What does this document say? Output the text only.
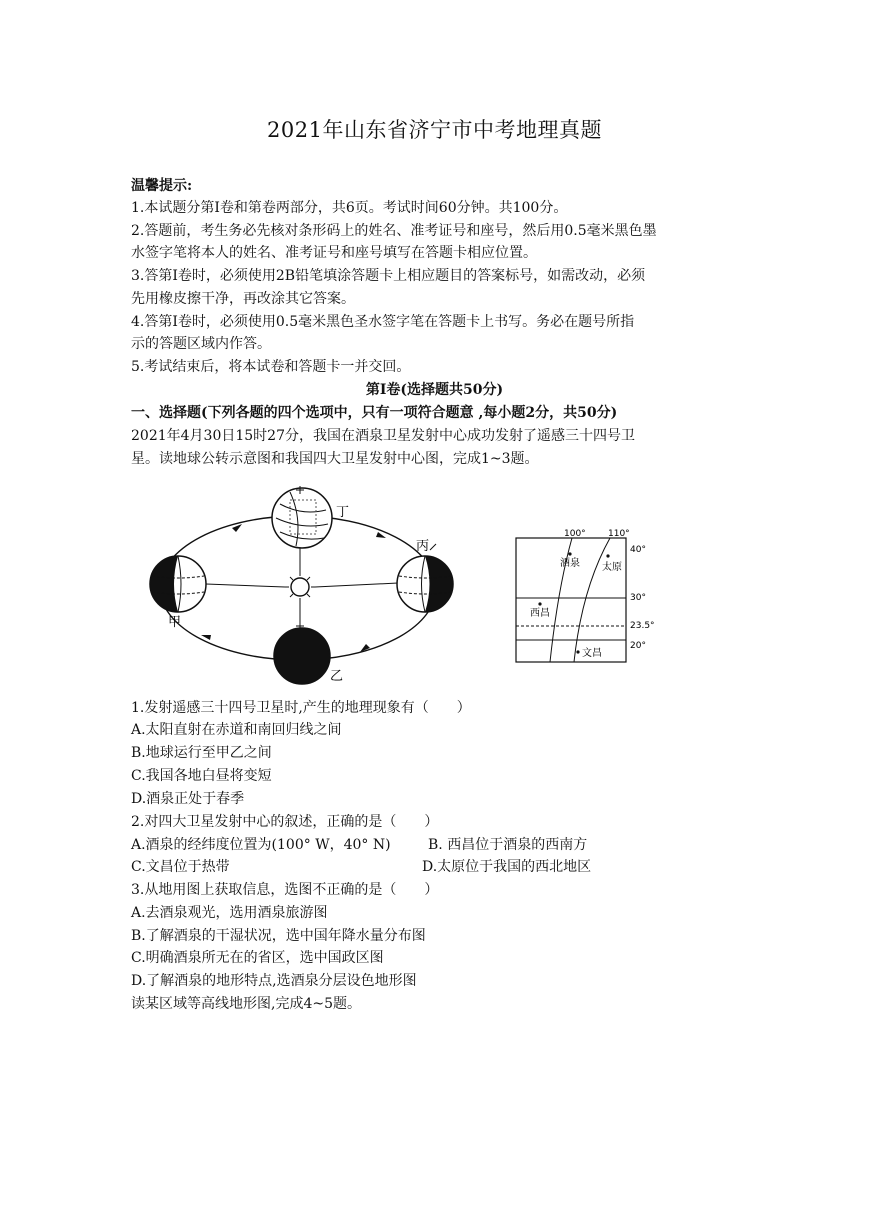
2021年山东省济宁市中考地理真题
温馨提示:
1.本试题分第Ⅰ卷和第卷两部分，共6页。考试时间60分钟。共100分。
2.答题前，考生务必先核对条形码上的姓名、准考证号和座号，然后用0.5毫米黑色墨
水签字笔将本人的姓名、准考证号和座号填写在答题卡相应位置。
3.答第Ⅰ卷时，必须使用2B铅笔填涂答题卡上相应题目的答案标号，如需改动，必须
先用橡皮擦干净，再改涂其它答案。
4.答第Ⅰ卷时，必须使用0.5毫米黑色圣水签字笔在答题卡上书写。务必在题号所指
示的答题区域内作答。
5.考试结束后，将本试卷和答题卡一并交回。
第Ⅰ卷(选择题共50分)
一、选择题(下列各题的四个选项中，只有一项符合题意 ,每小题2分，共50分)
2021年4月30日15时27分，我国在酒泉卫星发射中心成功发射了遥感三十四号卫
星。读地球公转示意图和我国四大卫星发射中心图，完成1~3题。
丁
丙
甲
乙
100° 110°
40°
30°
23.5°
20°
酒泉 太原
西昌
文昌
1.发射遥感三十四号卫星时,产生的地理现象有（　　）
A.太阳直射在赤道和南回归线之间
B.地球运行至甲乙之间
C.我国各地白昼将变短
D.酒泉正处于春季
2.对四大卫星发射中心的叙述，正确的是（　　）
A.酒泉的经纬度位置为(100° W，40° N)	B. 西昌位于酒泉的西南方
C.文昌位于热带	D.太原位于我国的西北地区
3.从地用图上获取信息，选图不正确的是（　　）
A.去酒泉观光，选用酒泉旅游图
B.了解酒泉的干湿状况，选中国年降水量分布图
C.明确酒泉所无在的省区，选中国政区图
D.了解酒泉的地形特点,选酒泉分层设色地形图
读某区域等高线地形图,完成4~5题。
